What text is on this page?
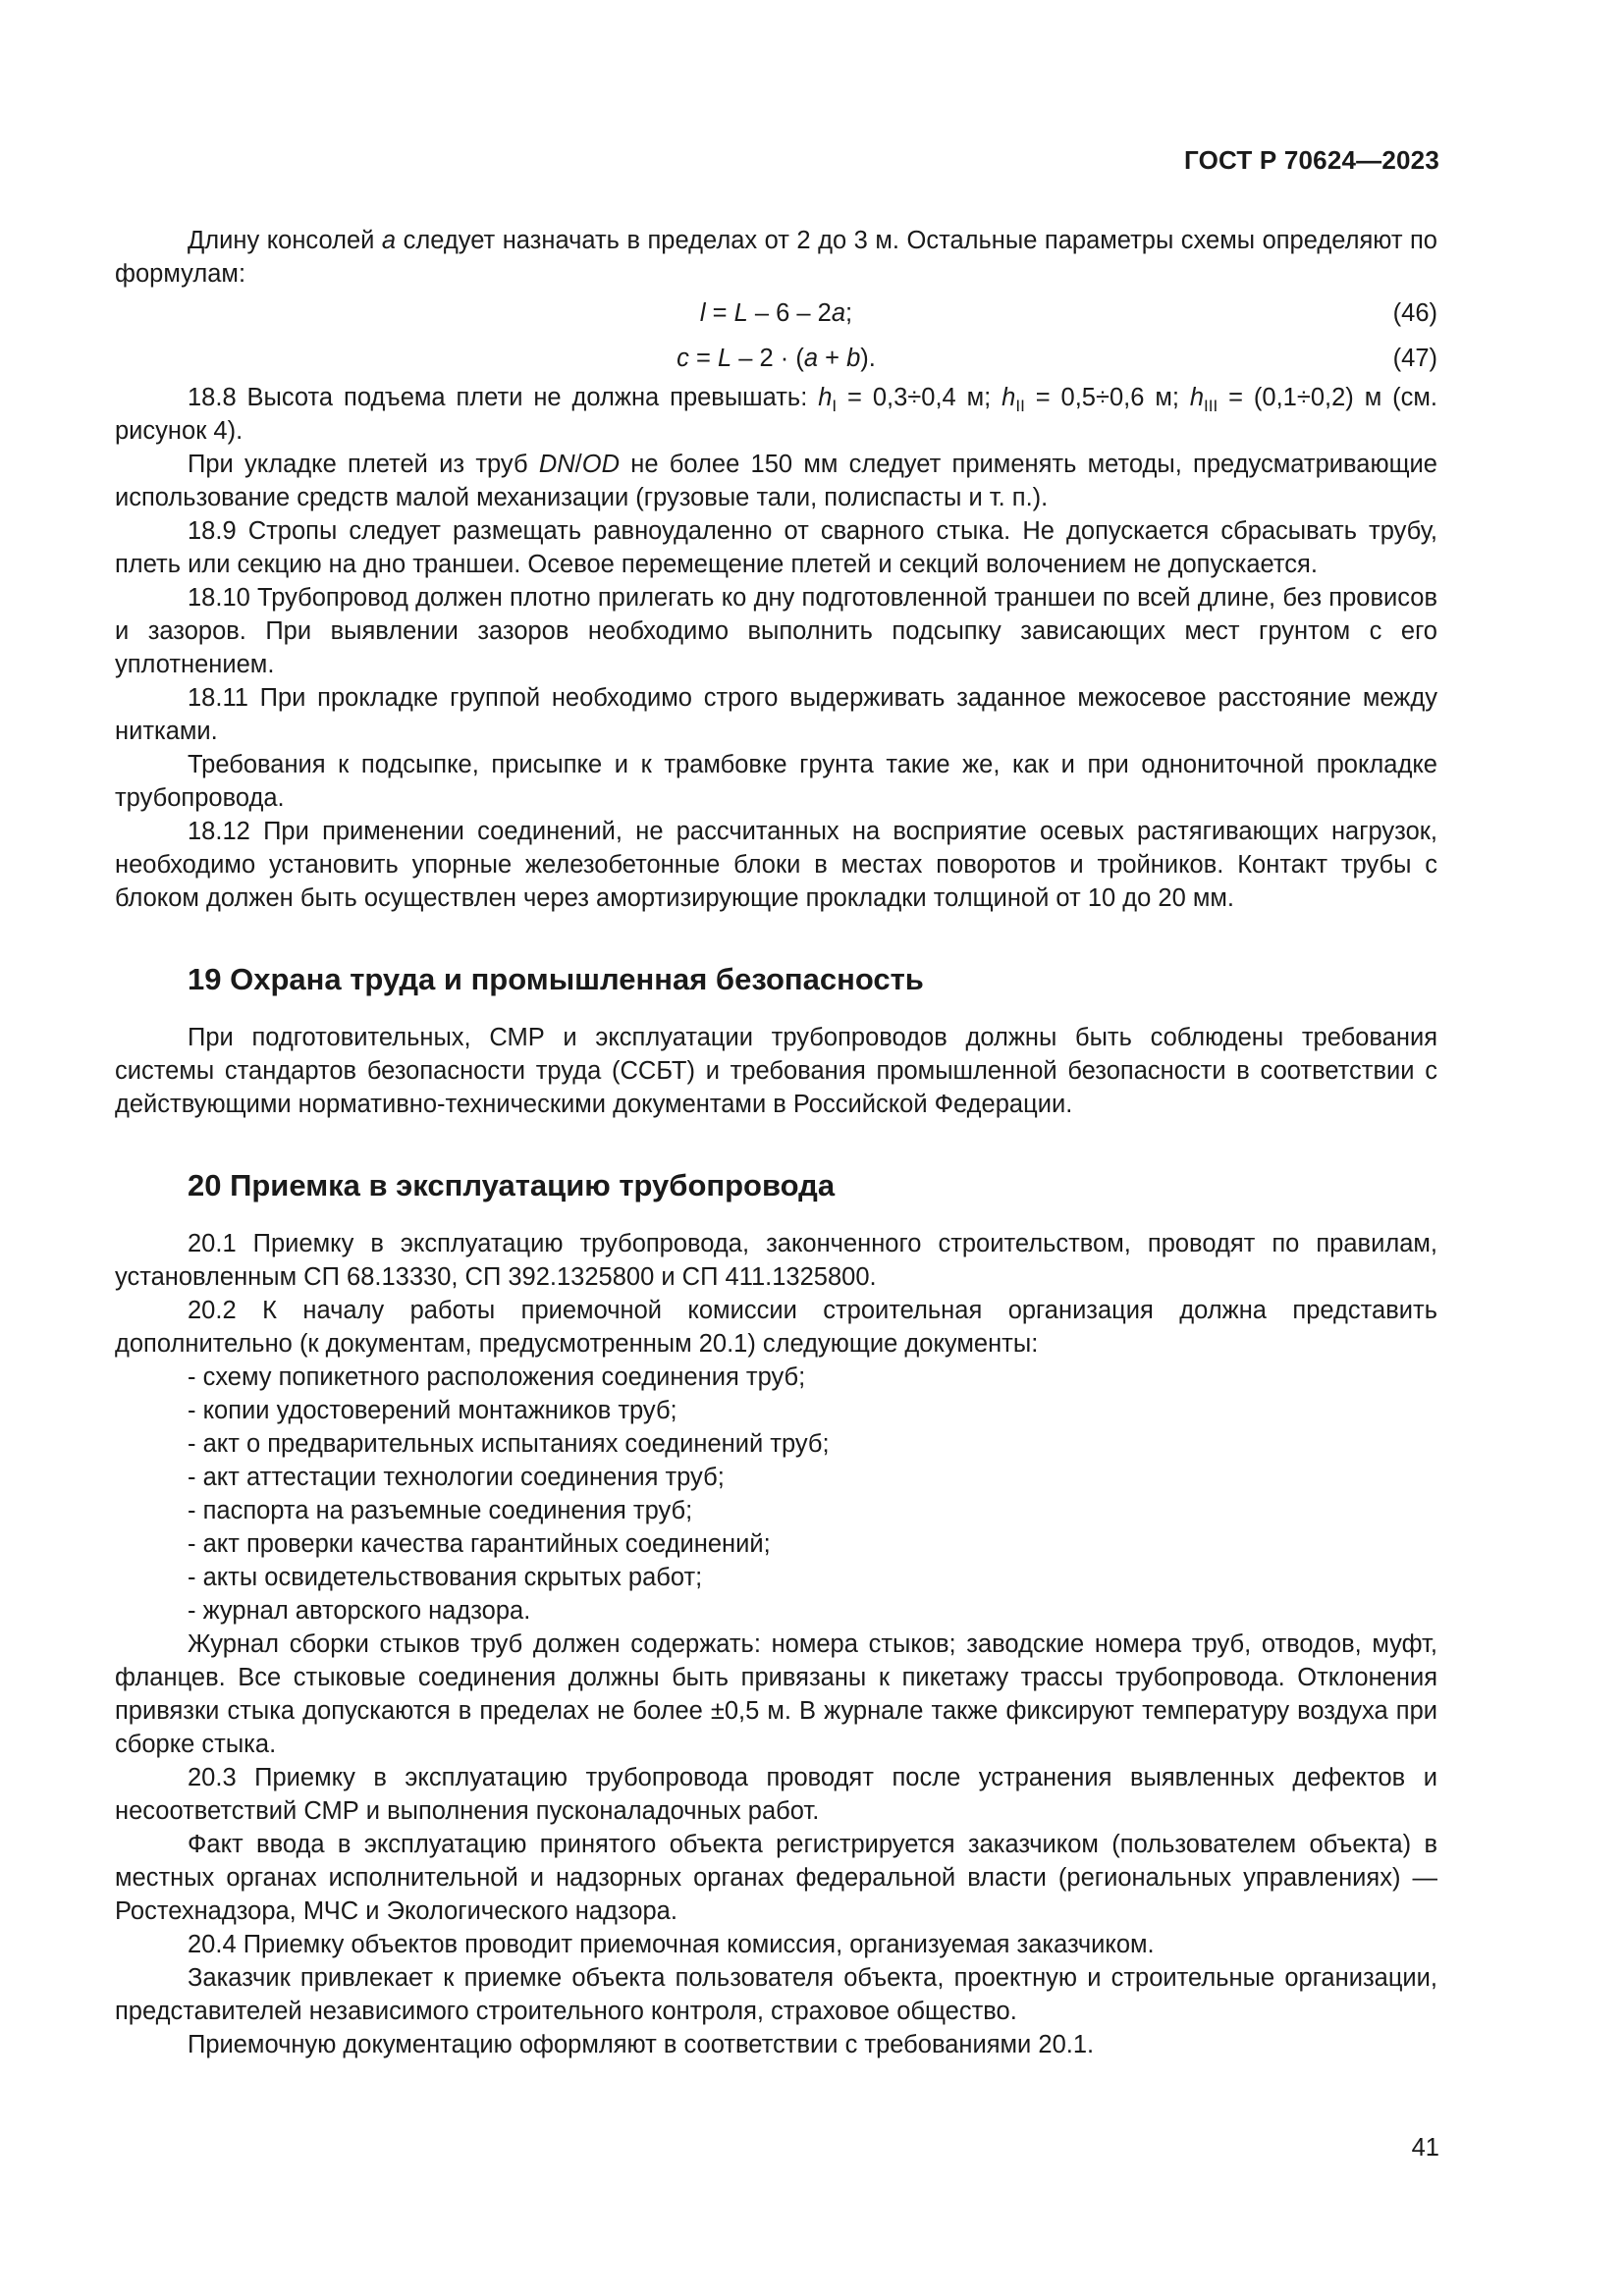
ГОСТ Р 70624—2023

Длину консолей a следует назначать в пределах от 2 до 3 м. Остальные параметры схемы определяют по формулам:

l = L – 6 – 2a;	(46)
c = L – 2 · (a + b).	(47)

18.8 Высота подъема плети не должна превышать: $h_I = 0,3\div 0,4$ м; $h_{II} = 0,5\div 0,6$ м; $h_{III} = (0,1\div 0,2)$ м (см. рисунок 4).

При укладке плетей из труб DN/OD не более 150 мм следует применять методы, предусматривающие использование средств малой механизации (грузовые тали, полиспасты и т. п.).

18.9 Стропы следует размещать равноудаленно от сварного стыка. Не допускается сбрасывать трубу, плеть или секцию на дно траншеи. Осевое перемещение плетей и секций волочением не допускается.

18.10 Трубопровод должен плотно прилегать ко дну подготовленной траншеи по всей длине, без провисов и зазоров. При выявлении зазоров необходимо выполнить подсыпку зависающих мест грунтом с его уплотнением.

18.11 При прокладке группой необходимо строго выдерживать заданное межосевое расстояние между нитками.

Требования к подсыпке, присыпке и к трамбовке грунта такие же, как и при однониточной прокладке трубопровода.

18.12 При применении соединений, не рассчитанных на восприятие осевых растягивающих нагрузок, необходимо установить упорные железобетонные блоки в местах поворотов и тройников. Контакт трубы с блоком должен быть осуществлен через амортизирующие прокладки толщиной от 10 до 20 мм.

19 Охрана труда и промышленная безопасность

При подготовительных, СМР и эксплуатации трубопроводов должны быть соблюдены требования системы стандартов безопасности труда (ССБТ) и требования промышленной безопасности в соответствии с действующими нормативно-техническими документами в Российской Федерации.

20 Приемка в эксплуатацию трубопровода

20.1 Приемку в эксплуатацию трубопровода, законченного строительством, проводят по правилам, установленным СП 68.13330, СП 392.1325800 и СП 411.1325800.

20.2 К началу работы приемочной комиссии строительная организация должна представить дополнительно (к документам, предусмотренным 20.1) следующие документы:

- схему попикетного расположения соединения труб;

- копии удостоверений монтажников труб;

- акт о предварительных испытаниях соединений труб;

- акт аттестации технологии соединения труб;

- паспорта на разъемные соединения труб;

- акт проверки качества гарантийных соединений;

- акты освидетельствования скрытых работ;

- журнал авторского надзора.

Журнал сборки стыков труб должен содержать: номера стыков; заводские номера труб, отводов, муфт, фланцев. Все стыковые соединения должны быть привязаны к пикетажу трассы трубопровода. Отклонения привязки стыка допускаются в пределах не более ±0,5 м. В журнале также фиксируют температуру воздуха при сборке стыка.

20.3 Приемку в эксплуатацию трубопровода проводят после устранения выявленных дефектов и несоответствий СМР и выполнения пусконаладочных работ.

Факт ввода в эксплуатацию принятого объекта регистрируется заказчиком (пользователем объекта) в местных органах исполнительной и надзорных органах федеральной власти (региональных управлениях) — Ростехнадзора, МЧС и Экологического надзора.

20.4 Приемку объектов проводит приемочная комиссия, организуемая заказчиком.

Заказчик привлекает к приемке объекта пользователя объекта, проектную и строительные организации, представителей независимого строительного контроля, страховое общество.

Приемочную документацию оформляют в соответствии с требованиями 20.1.

41
